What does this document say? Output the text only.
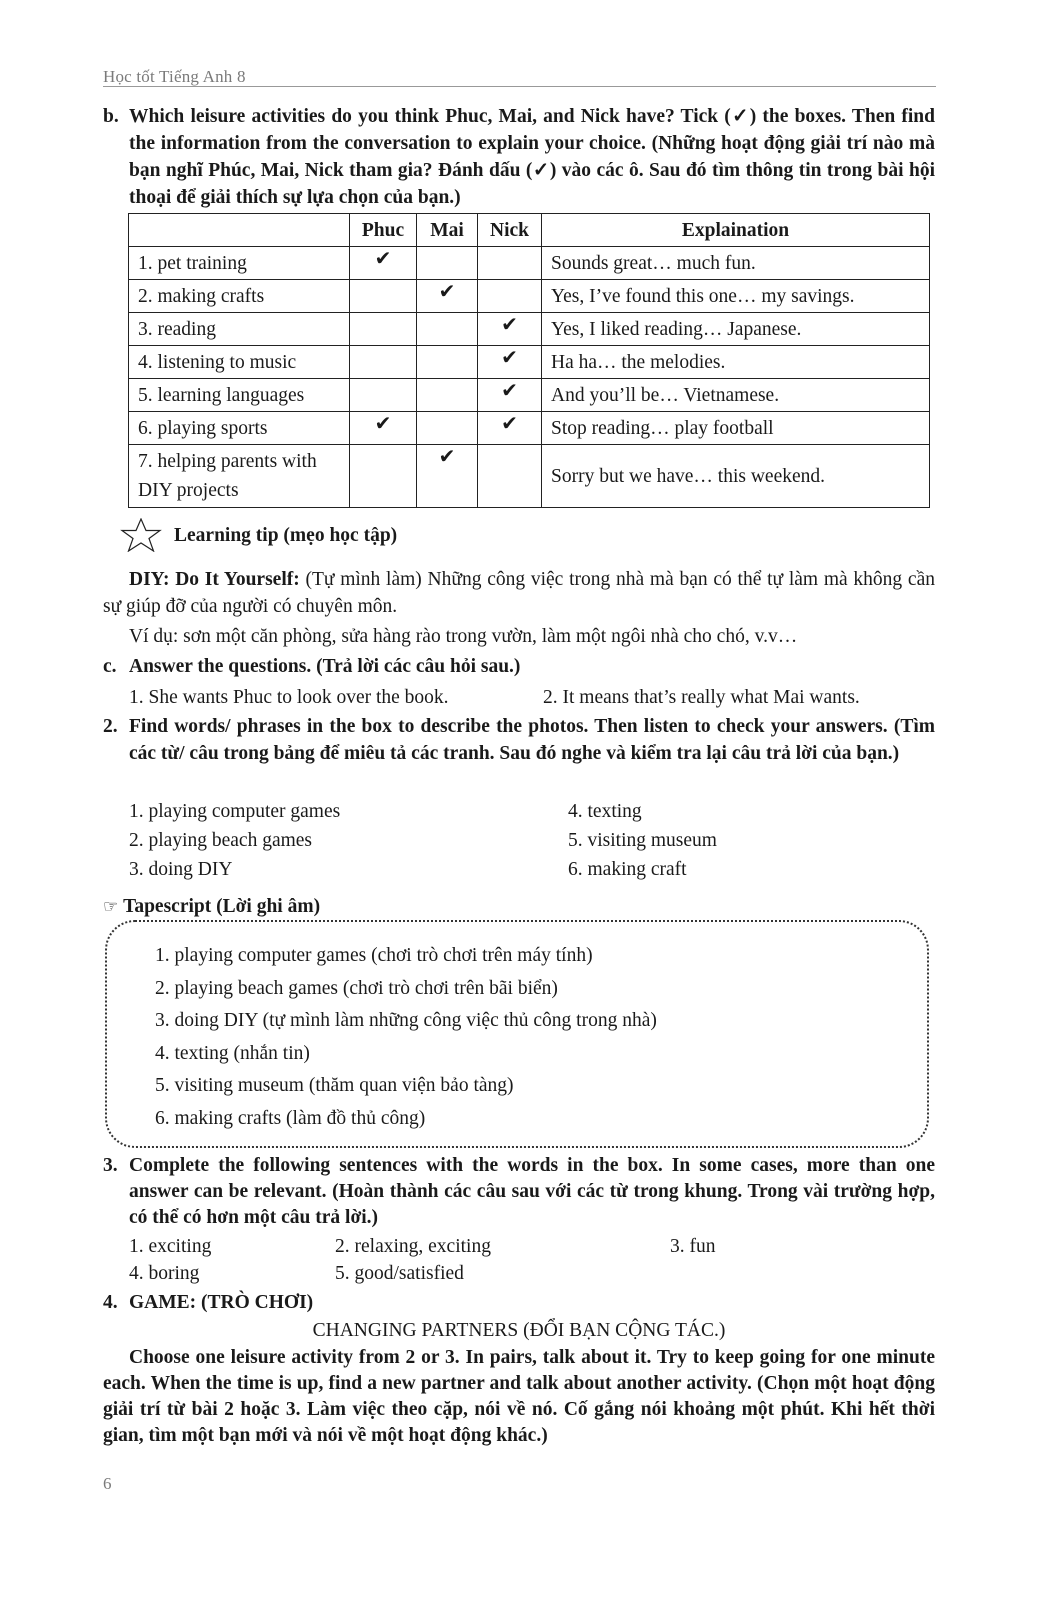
Học tốt Tiếng Anh 8
b. Which leisure activities do you think Phuc, Mai, and Nick have? Tick (✓) the boxes. Then find the information from the conversation to explain your choice. (Những hoạt động giải trí nào mà bạn nghĩ Phúc, Mai, Nick tham gia? Đánh dấu (✓) vào các ô. Sau đó tìm thông tin trong bài hội thoại để giải thích sự lựa chọn của bạn.)
	Phuc	Mai	Nick	Explaination
1. pet training	✔			Sounds great… much fun.
2. making crafts		✔		Yes, I’ve found this one… my savings.
3. reading			✔	Yes, I liked reading… Japanese.
4. listening to music			✔	Ha ha… the melodies.
5. learning languages			✔	And you’ll be… Vietnamese.
6. playing sports	✔		✔	Stop reading… play football
7. helping parents with DIY projects		✔		Sorry but we have… this weekend.
Learning tip (mẹo học tập)
DIY: Do It Yourself: (Tự mình làm) Những công việc trong nhà mà bạn có thể tự làm mà không cần sự giúp đỡ của người có chuyên môn.
Ví dụ: sơn một căn phòng, sửa hàng rào trong vườn, làm một ngôi nhà cho chó, v.v…
c. Answer the questions. (Trả lời các câu hỏi sau.)
1. She wants Phuc to look over the book.	2. It means that’s really what Mai wants.
2. Find words/ phrases in the box to describe the photos. Then listen to check your answers. (Tìm các từ/ câu trong bảng để miêu tả các tranh. Sau đó nghe và kiểm tra lại câu trả lời của bạn.)
1. playing computer games
2. playing beach games
3. doing DIY
4. texting
5. visiting museum
6. making craft
☞ Tapescript (Lời ghi âm)
1. playing computer games (chơi trò chơi trên máy tính)
2. playing beach games (chơi trò chơi trên bãi biển)
3. doing DIY (tự mình làm những công việc thủ công trong nhà)
4. texting (nhắn tin)
5. visiting museum (thăm quan viện bảo tàng)
6. making crafts (làm đồ thủ công)
3. Complete the following sentences with the words in the box. In some cases, more than one answer can be relevant. (Hoàn thành các câu sau với các từ trong khung. Trong vài trường hợp, có thể có hơn một câu trả lời.)
1. exciting	2. relaxing, exciting	3. fun
4. boring	5. good/satisfied
4. GAME: (TRÒ CHƠI)
CHANGING PARTNERS (ĐỔI BẠN CỘNG TÁC.)
Choose one leisure activity from 2 or 3. In pairs, talk about it. Try to keep going for one minute each. When the time is up, find a new partner and talk about another activity. (Chọn một hoạt động giải trí từ bài 2 hoặc 3. Làm việc theo cặp, nói về nó. Cố gắng nói khoảng một phút. Khi hết thời gian, tìm một bạn mới và nói về một hoạt động khác.)
6
